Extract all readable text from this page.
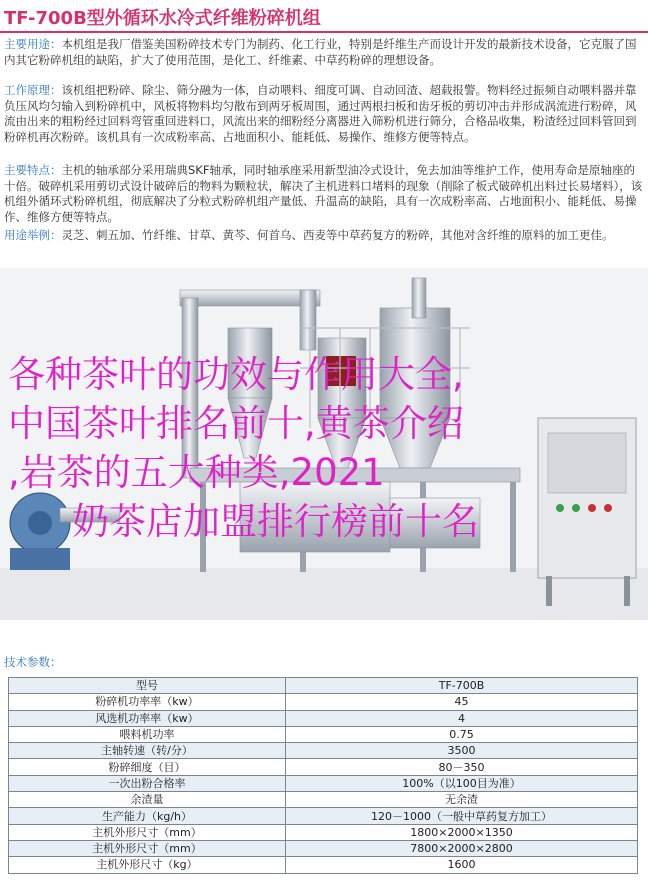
TF-700B型外循环水冷式纤维粉碎机组
主要用途：本机组是我厂借鉴美国粉碎技术专门为制药、化工行业，特别是纤维生产而设计开发的最新技术设备，它克服了国内其它粉碎机组的缺陷，扩大了使用范围，是化工、纤维素、中草药粉碎的理想设备。
工作原理：该机组把粉碎、除尘、筛分融为一体，自动喂料、细度可调、自动回渣、超载报警。物料经过振频自动喂料器并靠负压风均匀输入到粉碎机中，风板将物料均匀散布到两牙板周围，通过两根扫板和齿牙板的剪切冲击并形成涡流进行粉碎，风流由出来的粗粉经过回料弯管重回进料口，风流出来的细粉经分离器进入筛粉机进行筛分，合格品收集，粉渣经过回料管回到粉碎机再次粉碎。该机具有一次成粉率高、占地面积小、能耗低、易操作、维修方便等特点。
主要特点：主机的轴承部分采用瑞典SKF轴承，同时轴承座采用新型油冷式设计，免去加油等维护工作，使用寿命是原轴座的十倍。破碎机采用剪切式设计破碎后的物料为颗粒状，解决了主机进料口堵料的现象（削除了板式破碎机出料过长易堵料），该机组外循环式粉碎机组，彻底解决了分粒式粉碎机组产量低、升温高的缺陷，具有一次成粉率高、占地面积小、能耗低、易操作、维修方便等特点。
用途举例：灵芝、刺五加、竹纤维、甘草、黄芩、何首乌、西麦等中草药复方的粉碎，其他对含纤维的原料的加工更佳。
各种茶叶的功效与作用大全,
中国茶叶排名前十,黄茶介绍
,岩茶的五大种类,2021
奶茶店加盟排行榜前十名
技术参数：
型号	TF-700B
粉碎机功率率（kw）	45
风选机功率率（kw）	4
喂料机功率	0.75
主轴转速（转/分）	3500
粉碎细度（目）	80－350
一次出粉合格率	100%（以100目为准）
余渣量	无余渣
生产能力（kg/h）	120－1000（一般中草药复方加工）
主机外形尺寸（mm）	1800×2000×1350
主机外形尺寸（mm）	7800×2000×2800
主机外形尺寸（kg）	1600
